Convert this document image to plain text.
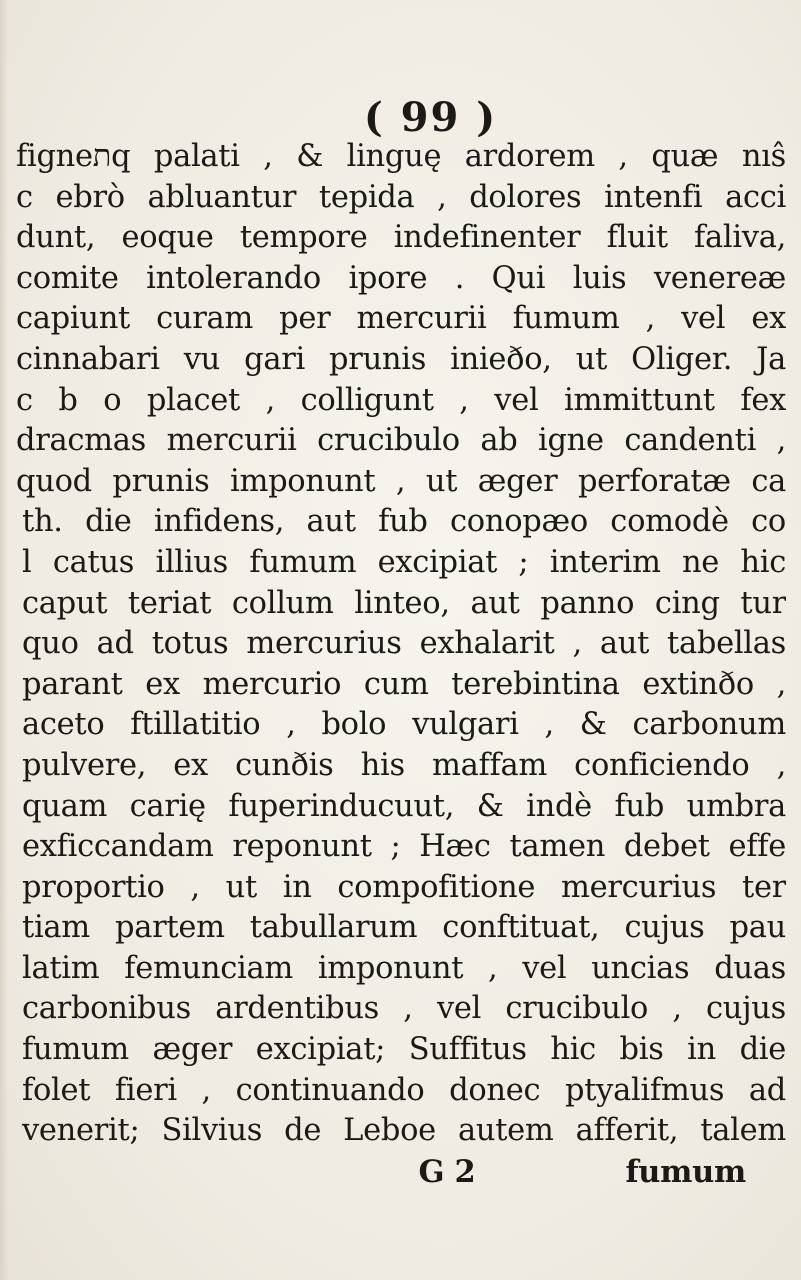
( 99 )
figneתq palati , & linguę ardorem , quæ nıŝ
c ebrò abluantur tepida , dolores intenfi acci
dunt, eoque tempore indefinenter fluit faliva,
comite intolerando ipore . Qui luis venereæ
capiunt curam per mercurii fumum , vel ex
cinnabari vu gari prunis inieðo, ut Oliger. Ja
c b o placet , colligunt , vel immittunt fex
dracmas mercurii crucibulo ab igne candenti ,
quod prunis imponunt , ut æger perforatæ ca
th. die infidens, aut fub conopæo comodè co
l catus illius fumum excipiat ; interim ne hic
caput teriat collum linteo, aut panno cing tur
quo ad totus mercurius exhalarit , aut tabellas
parant ex mercurio cum terebintina extinðo ,
aceto ftillatitio , bolo vulgari , & carbonum
pulvere, ex cunðis his maffam conficiendo ,
quam carię fuperinducuut, & indè fub umbra
exficcandam reponunt ; Hæc tamen debet effe
proportio , ut in compofitione mercurius ter
tiam partem tabullarum conftituat, cujus pau
latim femunciam imponunt , vel uncias duas
carbonibus ardentibus , vel crucibulo , cujus
fumum æger excipiat; Suffitus hic bis in die
folet fieri , continuando donec ptyalifmus ad
venerit; Silvius de Leboe autem afferit, talem
G 2	fumum
